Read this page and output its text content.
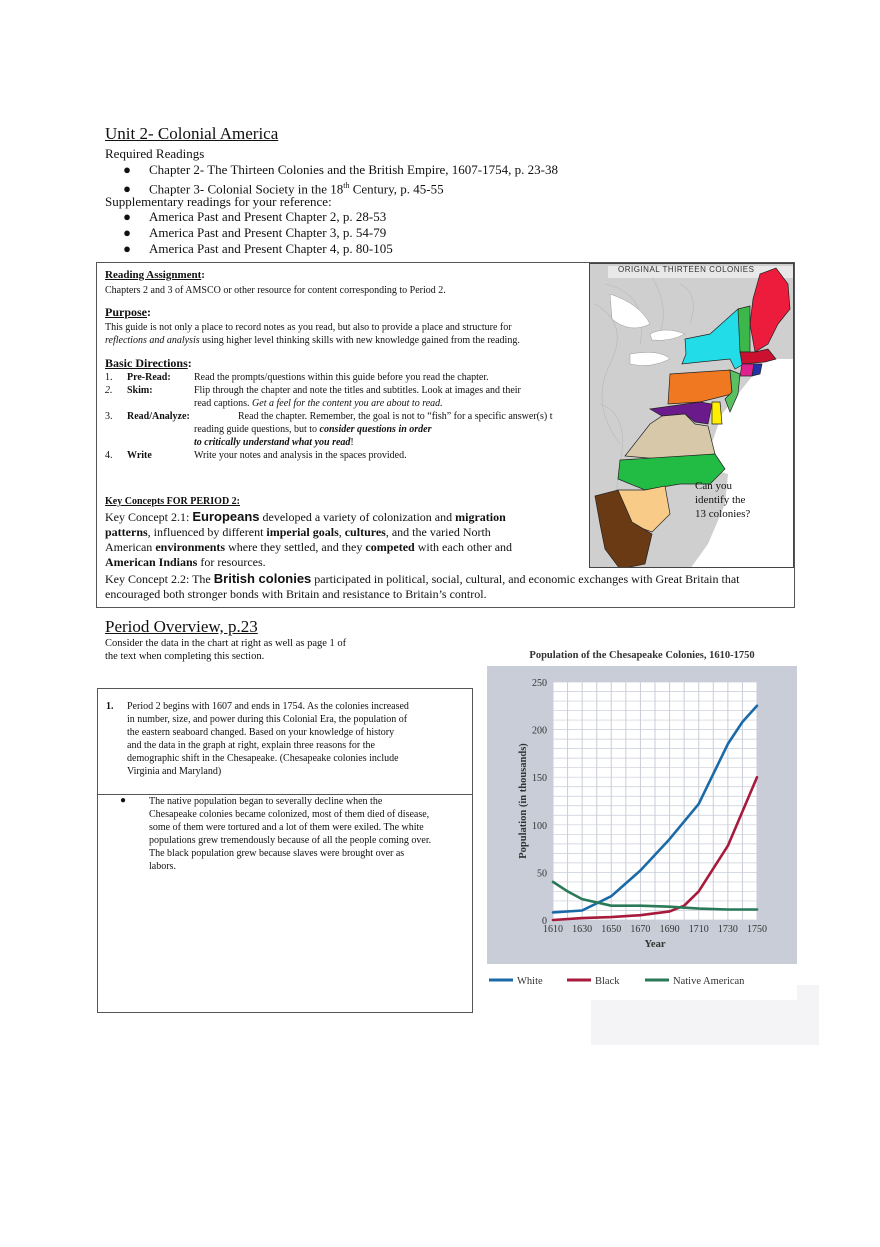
Unit 2- Colonial America
Required Readings
● Chapter 2- The Thirteen Colonies and the British Empire, 1607-1754, p. 23-38
● Chapter 3- Colonial Society in the 18th Century, p. 45-55
Supplementary readings for your reference:
● America Past and Present Chapter 2, p. 28-53
● America Past and Present Chapter 3, p. 54-79
● America Past and Present Chapter 4, p. 80-105
Reading Assignment:
Chapters 2 and 3 of AMSCO or other resource for content corresponding to Period 2.
Purpose:
This guide is not only a place to record notes as you read, but also to provide a place and structure for
reflections and analysis using higher level thinking skills with new knowledge gained from the reading.
Basic Directions:
1. Pre-Read: Read the prompts/questions within this guide before you read the chapter.
2. Skim:	Flip through the chapter and note the titles and subtitles. Look at images and their
read captions. Get a feel for the content you are about to read.
3. Read/Analyze:	Read the chapter. Remember, the goal is not to “fish” for a specific answer(s) t
reading guide questions, but to consider questions in order
to critically understand what you read!
4. Write	Write your notes and analysis in the spaces provided.
Key Concepts FOR PERIOD 2:
Key Concept 2.1: Europeans developed a variety of colonization and migration
patterns, influenced by different imperial goals, cultures, and the varied North
American environments where they settled, and they competed with each other and
American Indians for resources.
Key Concept 2.2: The British colonies participated in political, social, cultural, and economic exchanges with Great Britain that
encouraged both stronger bonds with Britain and resistance to Britain’s control.
ORIGINAL THIRTEEN COLONIES
Can you
identify the
13 colonies?
Period Overview, p.23
Consider the data in the chart at right as well as page 1 of
the text when completing this section.
1. Period 2 begins with 1607 and ends in 1754. As the colonies increased
in number, size, and power during this Colonial Era, the population of
the eastern seaboard changed. Based on your knowledge of history
and the data in the graph at right, explain three reasons for the
demographic shift in the Chesapeake. (Chesapeake colonies include
Virginia and Maryland)
● The native population began to severally decline when the
Chesapeake colonies became colonized, most of them died of disease,
some of them were tortured and a lot of them were exiled. The white
populations grew tremendously because of all the people coming over.
The black population grew because slaves were brought over as
labors.
Population of the Chesapeake Colonies, 1610-1750
0
50
100
150
200
250
1610 1630 1650 1670 1690 1710 1730 1750
Year
Population (in thousands)
White	Black	Native American
